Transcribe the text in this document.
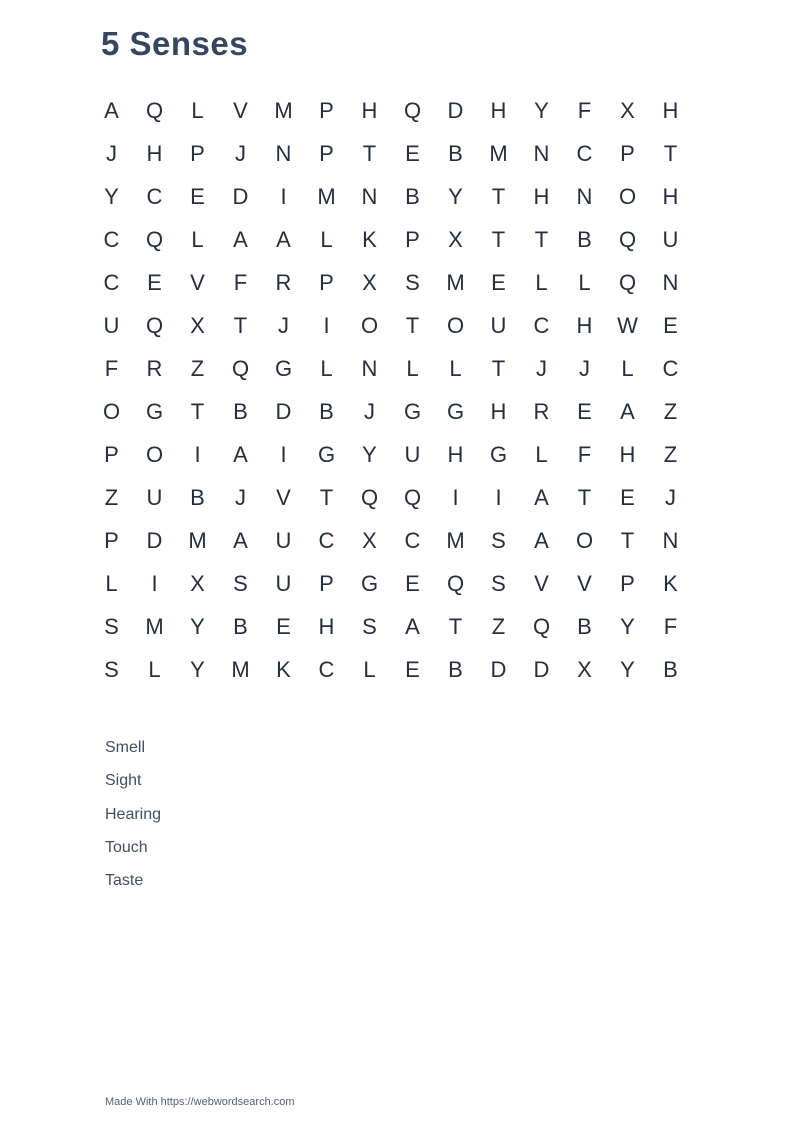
5 Senses
A	Q	L	V	M	P	H	Q	D	H	Y	F	X	H
J	H	P	J	N	P	T	E	B	M	N	C	P	T
Y	C	E	D	I	M	N	B	Y	T	H	N	O	H
C	Q	L	A	A	L	K	P	X	T	T	B	Q	U
C	E	V	F	R	P	X	S	M	E	L	L	Q	N
U	Q	X	T	J	I	O	T	O	U	C	H	W	E
F	R	Z	Q	G	L	N	L	L	T	J	J	L	C
O	G	T	B	D	B	J	G	G	H	R	E	A	Z
P	O	I	A	I	G	Y	U	H	G	L	F	H	Z
Z	U	B	J	V	T	Q	Q	I	I	A	T	E	J
P	D	M	A	U	C	X	C	M	S	A	O	T	N
L	I	X	S	U	P	G	E	Q	S	V	V	P	K
S	M	Y	B	E	H	S	A	T	Z	Q	B	Y	F
S	L	Y	M	K	C	L	E	B	D	D	X	Y	B
Smell
Sight
Hearing
Touch
Taste
Made With https://webwordsearch.com
